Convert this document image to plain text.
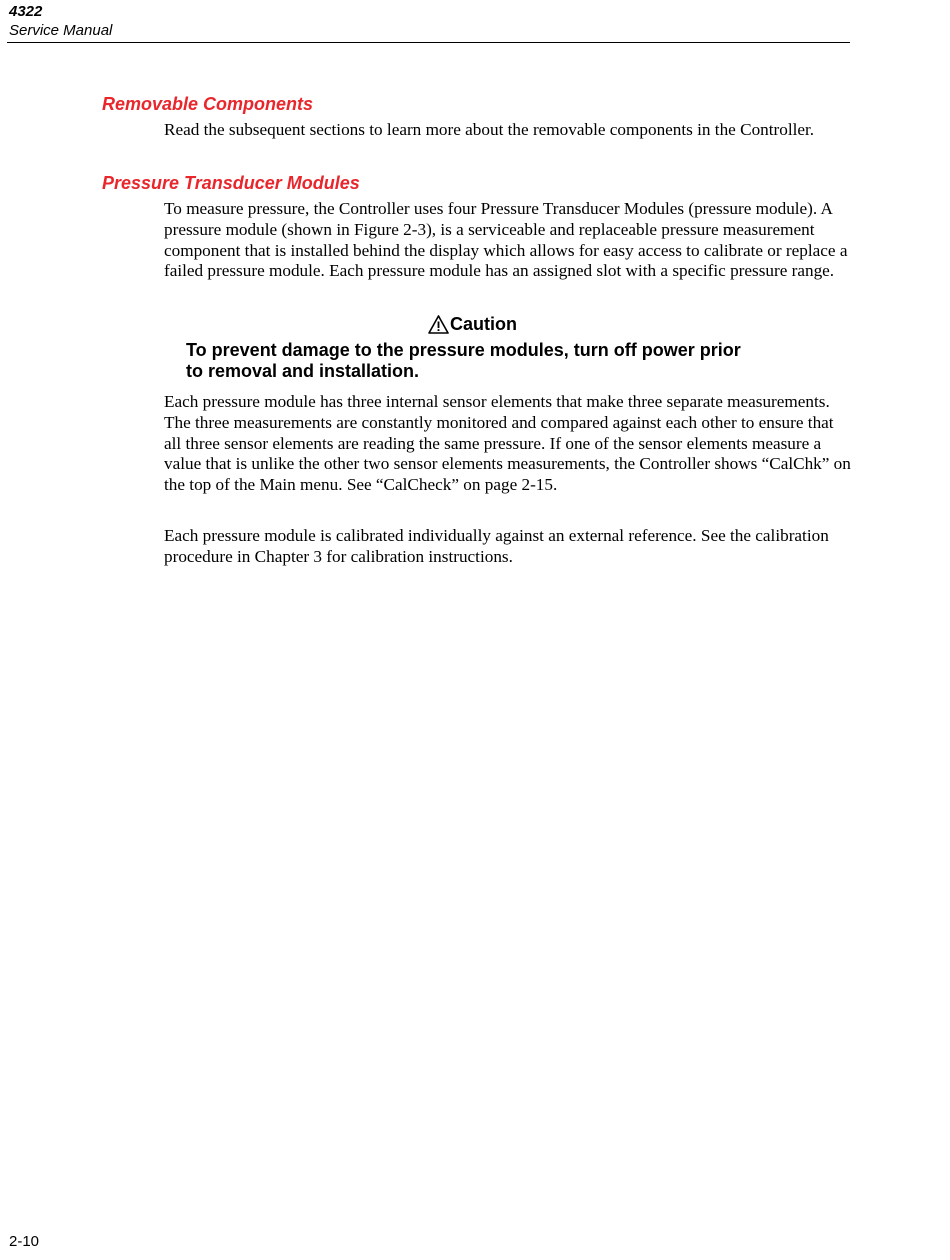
4322
Service Manual
Removable Components

Read the subsequent sections to learn more about the removable components in the Controller.

Pressure Transducer Modules

To measure pressure, the Controller uses four Pressure Transducer Modules (pressure module). A pressure module (shown in Figure 2-3), is a serviceable and replaceable pressure measurement component that is installed behind the display which allows for easy access to calibrate or replace a failed pressure module. Each pressure module has an assigned slot with a specific pressure range.

Caution

To prevent damage to the pressure modules, turn off power prior to removal and installation.

Each pressure module has three internal sensor elements that make three separate measurements. The three measurements are constantly monitored and compared against each other to ensure that all three sensor elements are reading the same pressure. If one of the sensor elements measure a value that is unlike the other two sensor elements measurements, the Controller shows “CalChk” on the top of the Main menu. See “CalCheck” on page 2-15.

Each pressure module is calibrated individually against an external reference. See the calibration procedure in Chapter 3 for calibration instructions.

2-10
